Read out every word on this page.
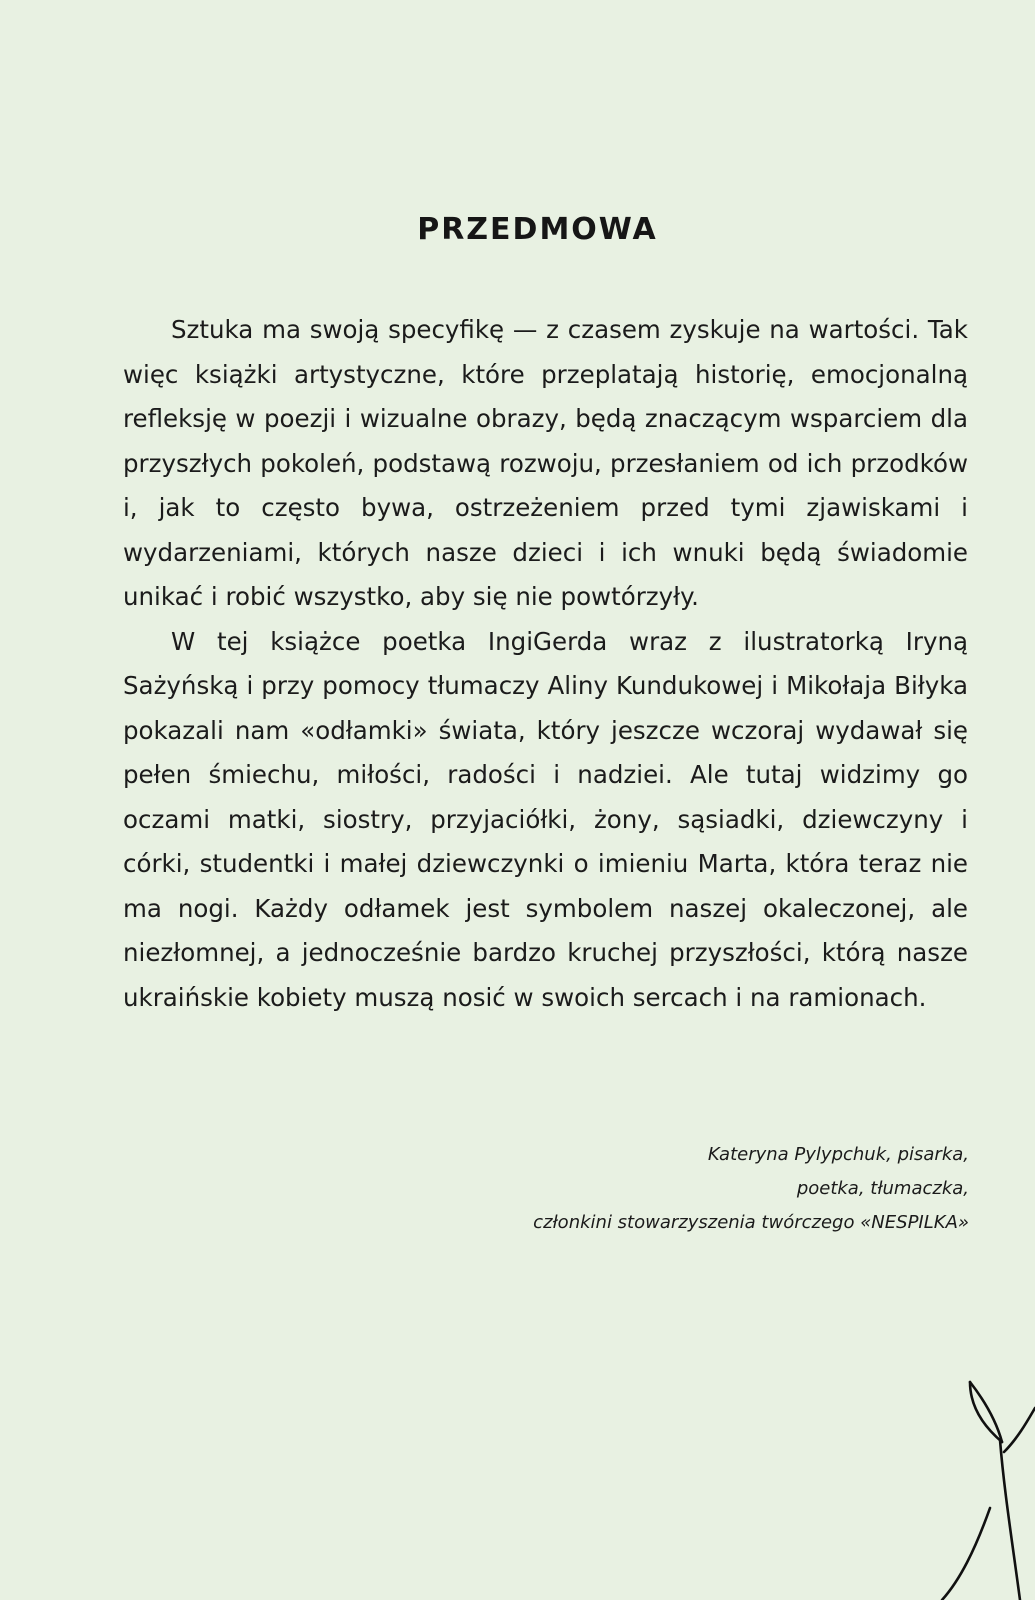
PRZEDMOWA

Sztuka ma swoją specyfikę — z czasem zyskuje na wartości. Tak więc książki artystyczne, które przeplatają historię, emocjonalną refleksję w poezji i wizualne obrazy, będą znaczącym wsparciem dla przyszłych pokoleń, podstawą rozwoju, przesłaniem od ich przodków i, jak to często bywa, ostrzeżeniem przed tymi zjawiskami i wydarzeniami, których nasze dzieci i ich wnuki będą świadomie unikać i robić wszystko, aby się nie powtórzyły.

W tej książce poetka IngiGerda wraz z ilustratorką Iryną Sażyńską i przy pomocy tłumaczy Aliny Kundukowej i Mikołaja Biłyka pokazali nam «odłamki» świata, który jeszcze wczoraj wydawał się pełen śmiechu, miłości, radości i nadziei. Ale tutaj widzimy go oczami matki, siostry, przyjaciółki, żony, sąsiadki, dziewczyny i córki, studentki i małej dziewczynki o imieniu Marta, która teraz nie ma nogi. Każdy odłamek jest symbolem naszej okaleczonej, ale niezłomnej, a jednocześnie bardzo kruchej przyszłości, którą nasze ukraińskie kobiety muszą nosić w swoich sercach i na ramionach.

Kateryna Pylypchuk, pisarka,
poetka, tłumaczka,
członkini stowarzyszenia twórczego «NESPILKA»
